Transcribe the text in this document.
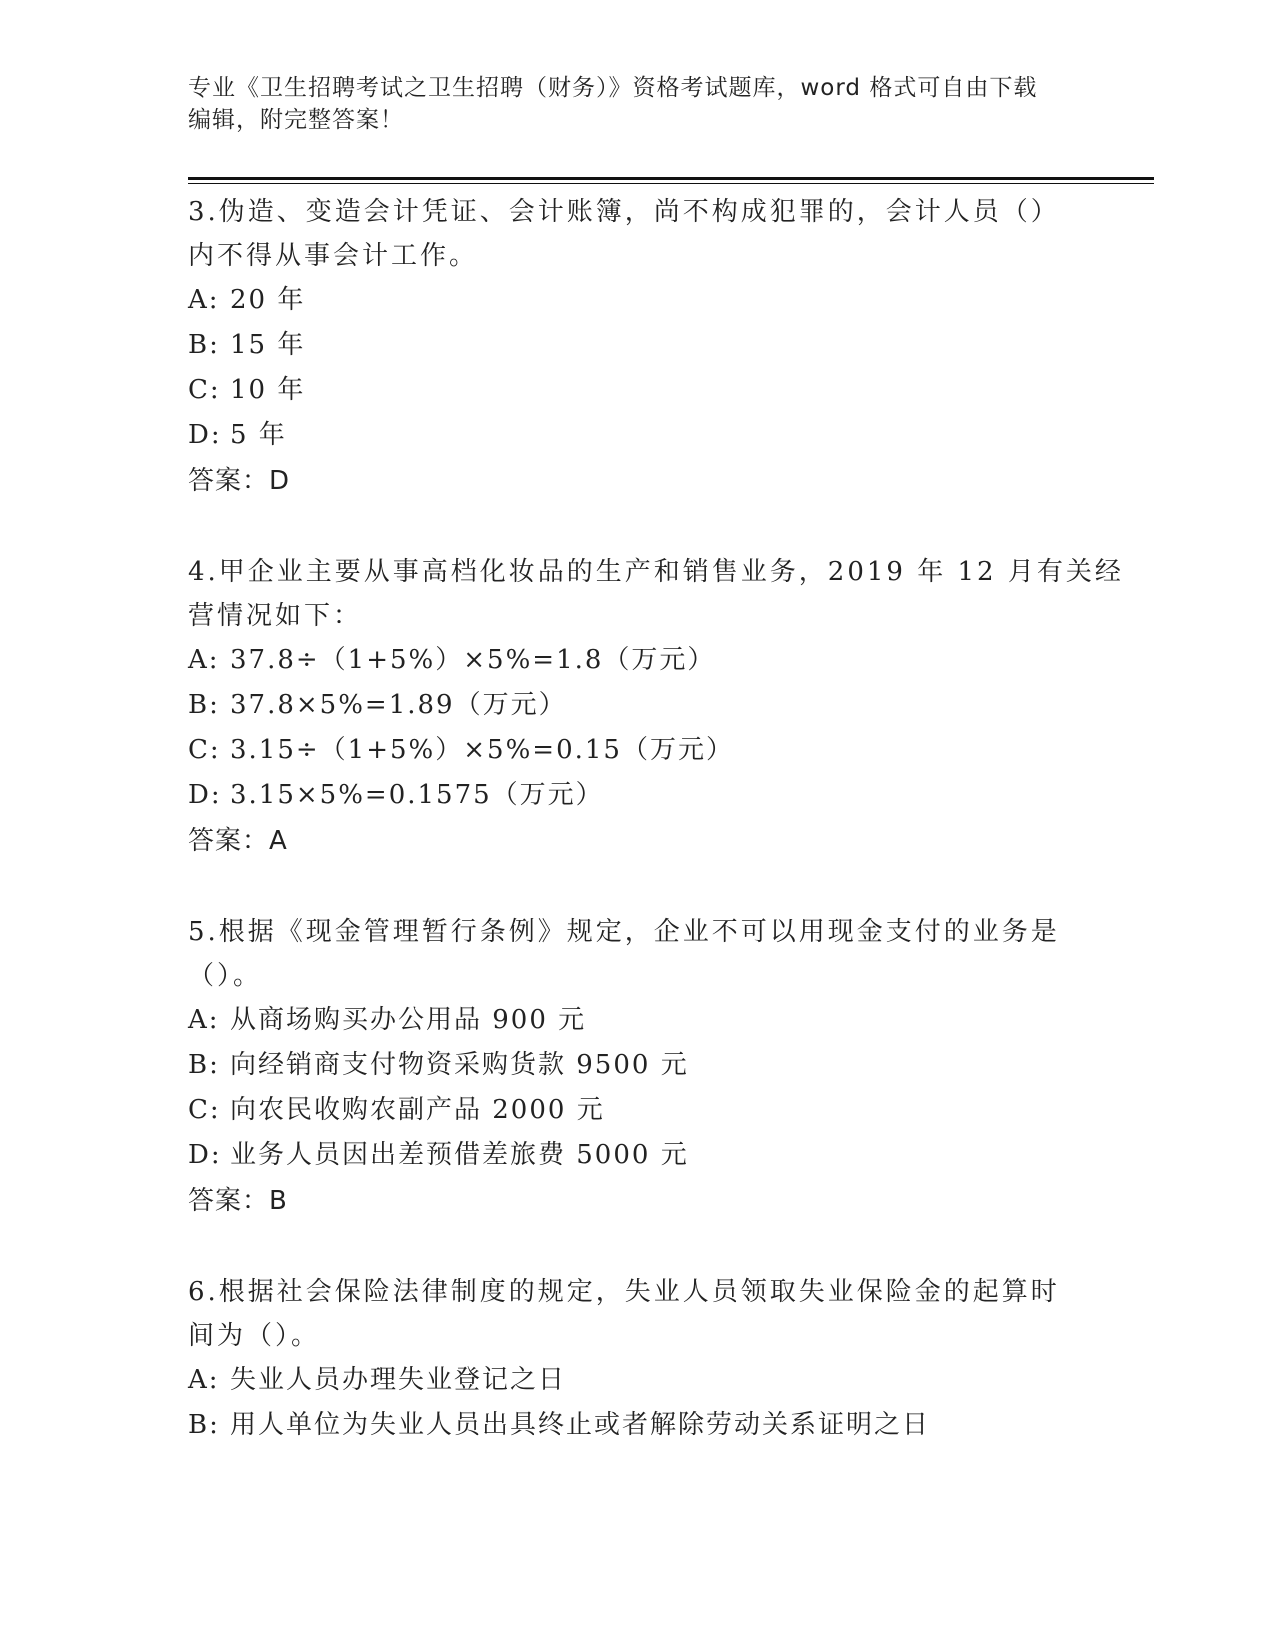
专业《卫生招聘考试之卫生招聘（财务）》资格考试题库，word 格式可自由下载
编辑，附完整答案！

3.伪造、变造会计凭证、会计账簿，尚不构成犯罪的，会计人员（）
内不得从事会计工作。

A: 20 年
B: 15 年
C: 10 年
D: 5 年
答案：D

4.甲企业主要从事高档化妆品的生产和销售业务，2019 年 12 月有关经
营情况如下：

A: 37.8÷（1+5%）×5%=1.8（万元）
B: 37.8×5%=1.89（万元）
C: 3.15÷（1+5%）×5%=0.15（万元）
D: 3.15×5%=0.1575（万元）
答案：A

5.根据《现金管理暂行条例》规定，企业不可以用现金支付的业务是
（）。

A: 从商场购买办公用品 900 元
B: 向经销商支付物资采购货款 9500 元
C: 向农民收购农副产品 2000 元
D: 业务人员因出差预借差旅费 5000 元
答案：B

6.根据社会保险法律制度的规定，失业人员领取失业保险金的起算时
间为（）。

A: 失业人员办理失业登记之日
B: 用人单位为失业人员出具终止或者解除劳动关系证明之日
